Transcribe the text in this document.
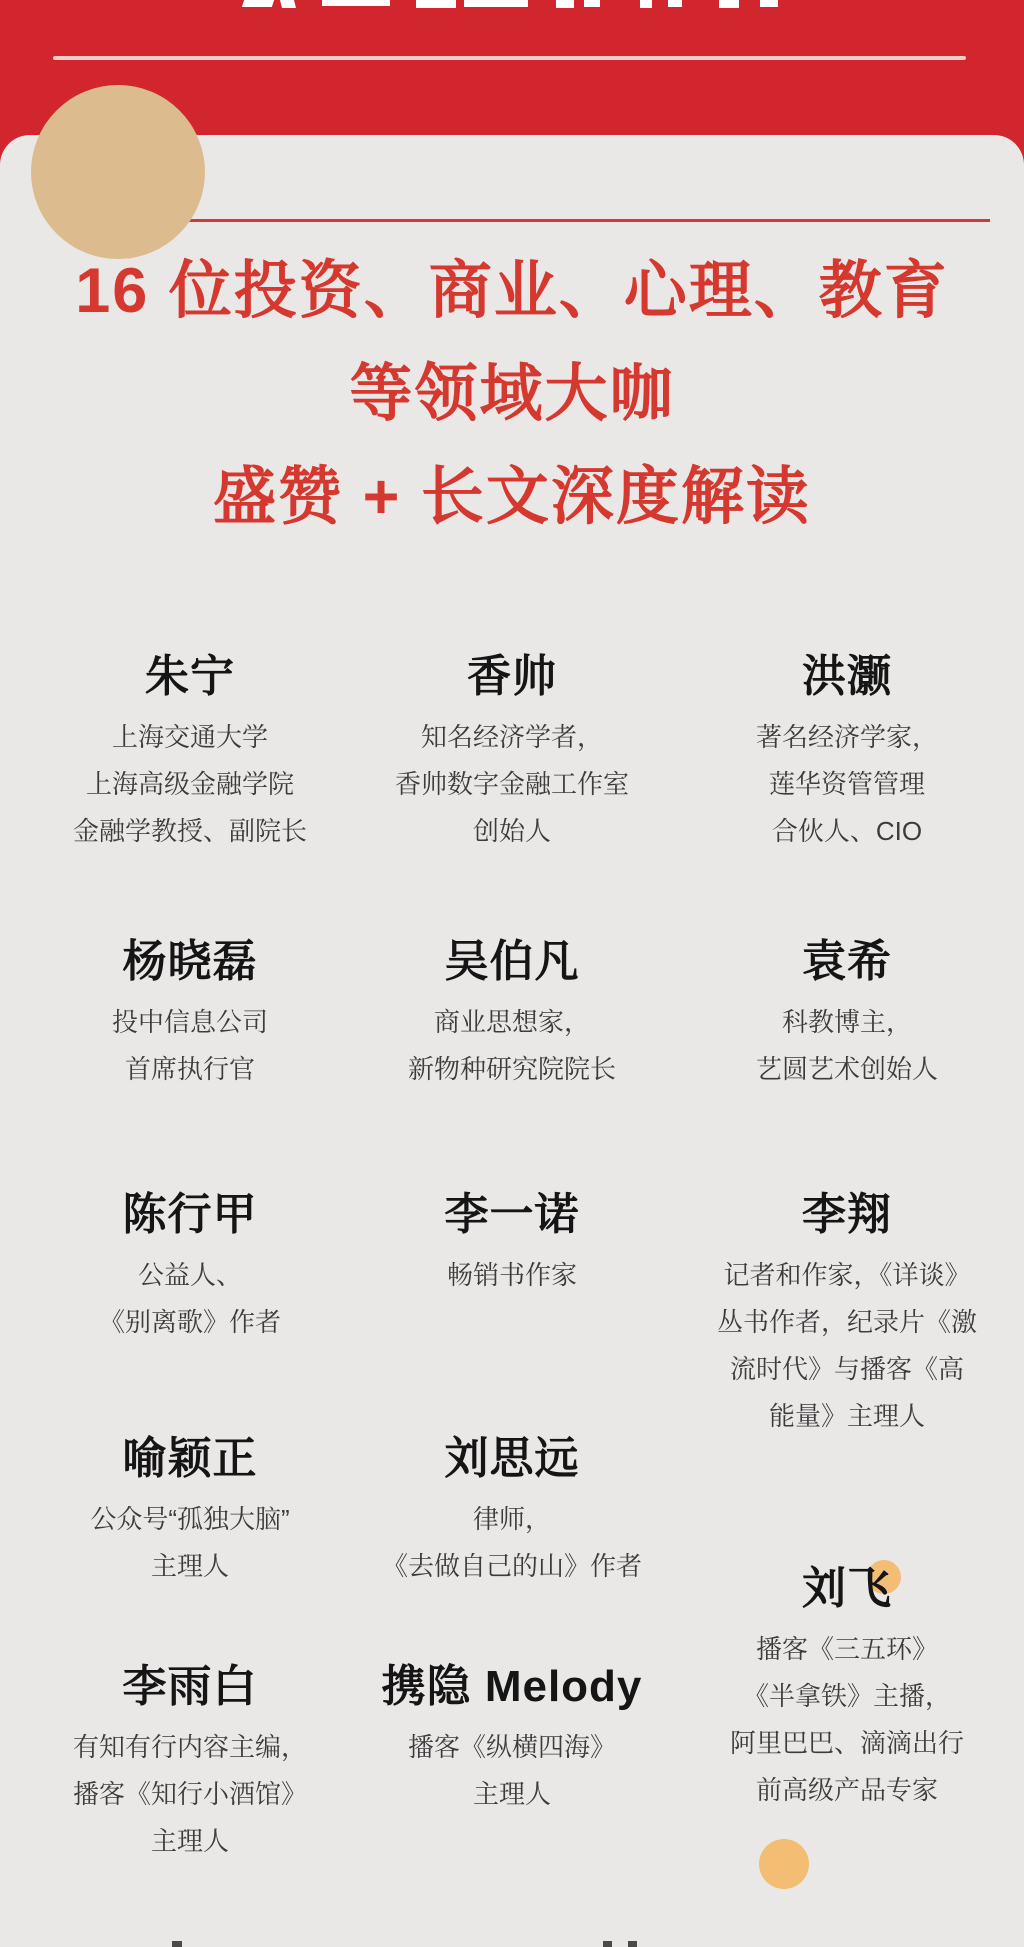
16 位投资、商业、心理、教育
等领域大咖
盛赞 + 长文深度解读
朱宁
上海交通大学
上海高级金融学院
金融学教授、副院长
香帅
知名经济学者，
香帅数字金融工作室
创始人
洪灏
著名经济学家，
莲华资管管理
合伙人、CIO
杨晓磊
投中信息公司
首席执行官
吴伯凡
商业思想家，
新物种研究院院长
袁希
科教博主，
艺圆艺术创始人
陈行甲
公益人、
《别离歌》作者
李一诺
畅销书作家
李翔
记者和作家，《详谈》
丛书作者，纪录片《激
流时代》与播客《高
能量》主理人
喻颖正
公众号“孤独大脑”
主理人
刘思远
律师，
《去做自己的山》作者	刘飞
播客《三五环》
《半拿铁》主播，
阿里巴巴、滴滴出行
前高级产品专家
李雨白
有知有行内容主编，
播客《知行小酒馆》
主理人
携隐 Melody
播客《纵横四海》
主理人
